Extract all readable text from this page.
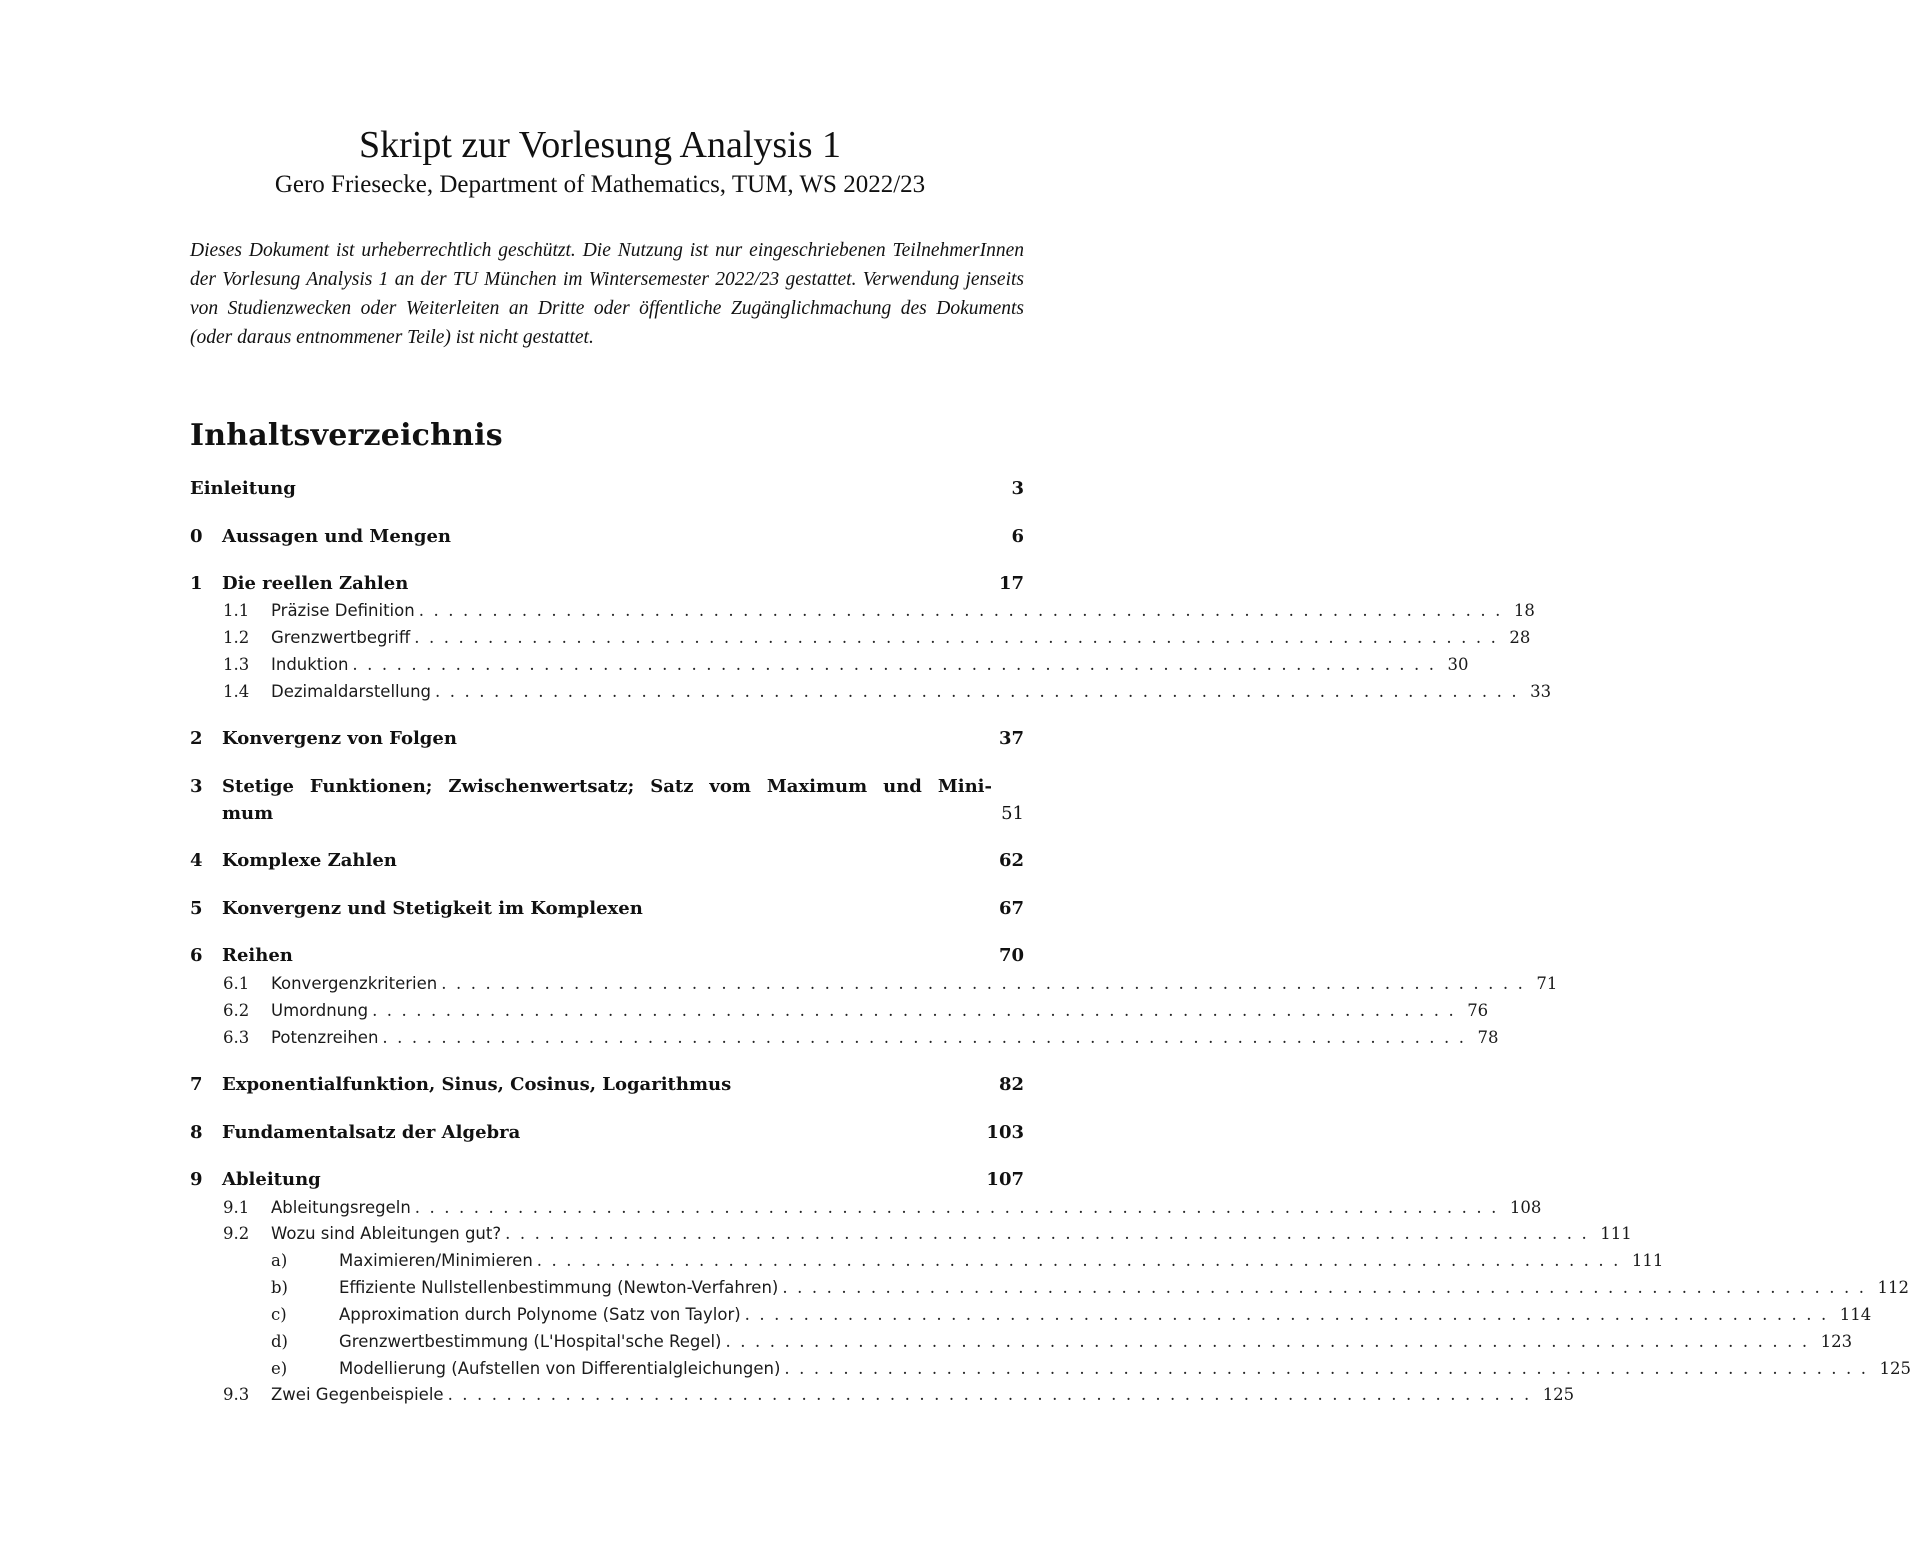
Skript zur Vorlesung Analysis 1
Gero Friesecke, Department of Mathematics, TUM, WS 2022/23
Dieses Dokument ist urheberrechtlich geschützt. Die Nutzung ist nur eingeschriebenen TeilnehmerInnen der Vorlesung Analysis 1 an der TU München im Wintersemester 2022/23 gestattet. Verwendung jenseits von Studienzwecken oder Weiterleiten an Dritte oder öffentliche Zugänglichmachung des Dokuments (oder daraus entnommener Teile) ist nicht gestattet.
Inhaltsverzeichnis
Einleitung	3
0	Aussagen und Mengen	6
1	Die reellen Zahlen	17
1.1	Präzise Definition .......................................................................... 18
1.2	Grenzwertbegriff .......................................................................... 28
1.3	Induktion .......................................................................... 30
1.4	Dezimaldarstellung .......................................................................... 33
2	Konvergenz von Folgen	37
3	Stetige Funktionen; Zwischenwertsatz; Satz vom Maximum und Mini-
mum	51
4	Komplexe Zahlen	62
5	Konvergenz und Stetigkeit im Komplexen	67
6	Reihen	70
6.1	Konvergenzkriterien .......................................................................... 71
6.2	Umordnung .......................................................................... 76
6.3	Potenzreihen .......................................................................... 78
7	Exponentialfunktion, Sinus, Cosinus, Logarithmus	82
8	Fundamentalsatz der Algebra	103
9	Ableitung	107
9.1	Ableitungsregeln .......................................................................... 108
9.2	Wozu sind Ableitungen gut? .......................................................................... 111
a)	Maximieren/Minimieren .......................................................................... 111
b)	Effiziente Nullstellenbestimmung (Newton-Verfahren) .......................................................................... 112
c)	Approximation durch Polynome (Satz von Taylor) .......................................................................... 114
d)	Grenzwertbestimmung (L'Hospital'sche Regel) .......................................................................... 123
e)	Modellierung (Aufstellen von Differentialgleichungen) .......................................................................... 125
9.3	Zwei Gegenbeispiele .......................................................................... 125
